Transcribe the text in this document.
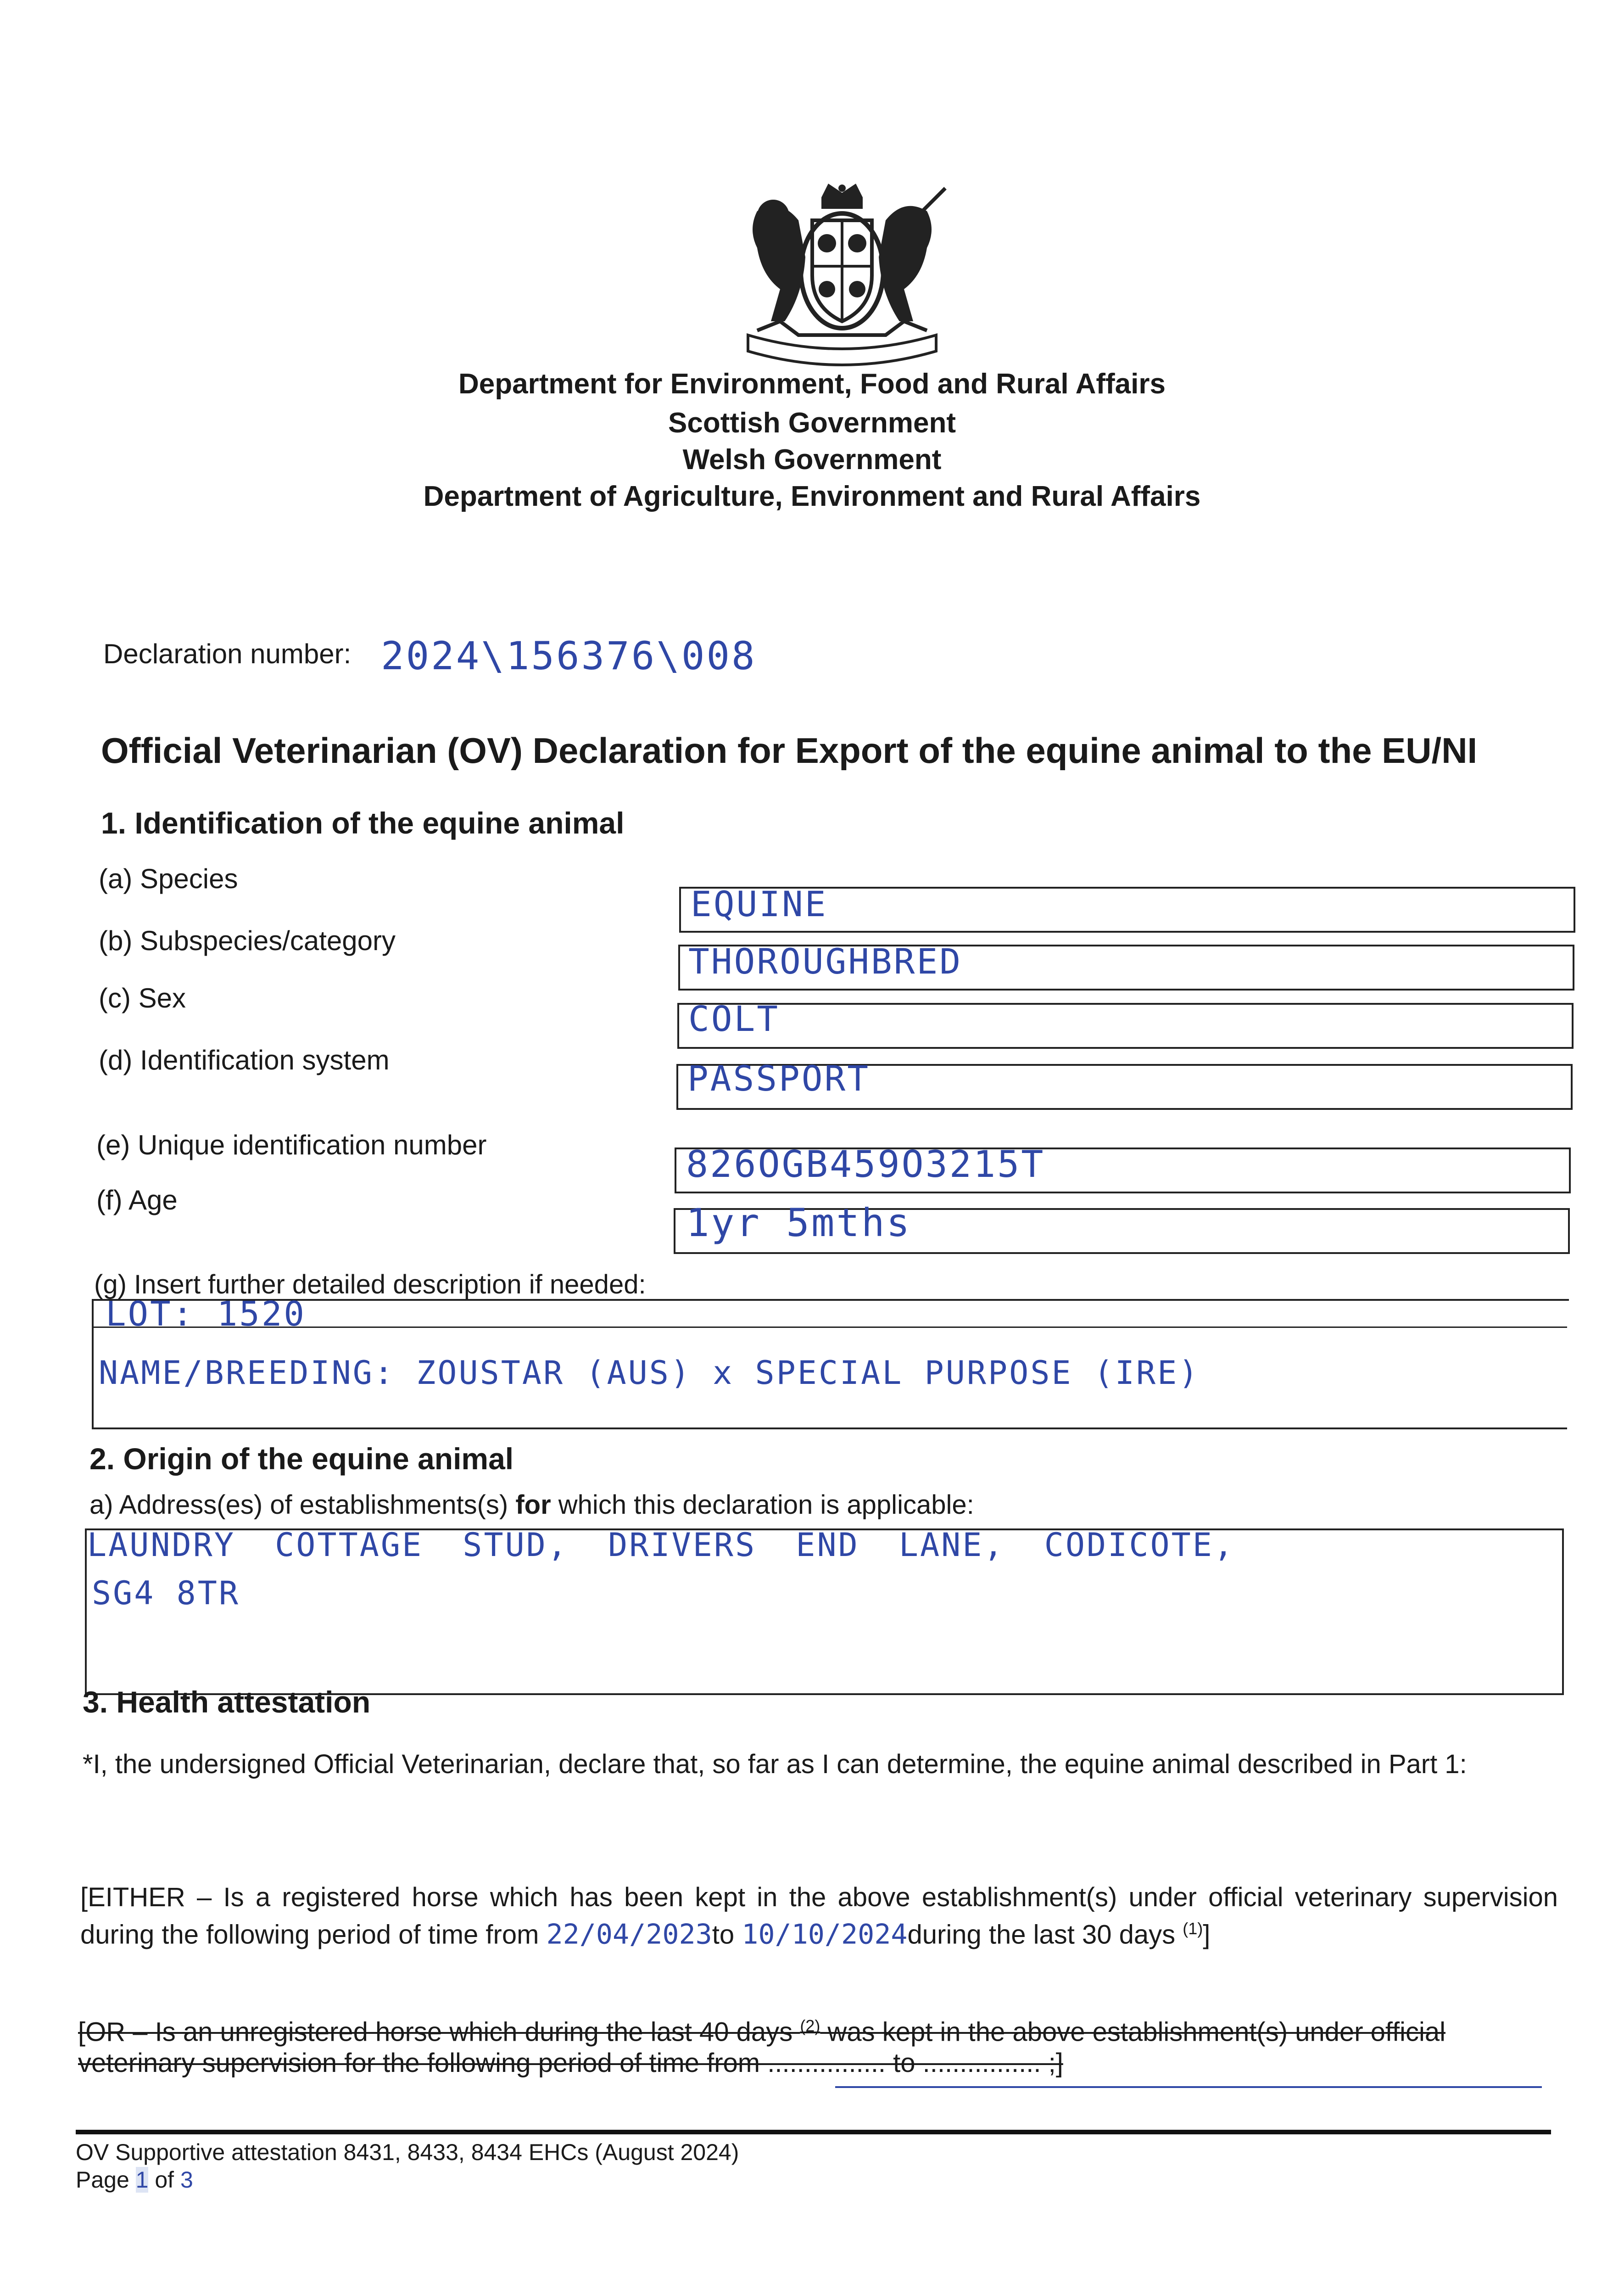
Department for Environment, Food and Rural Affairs
Scottish Government
Welsh Government
Department of Agriculture, Environment and Rural Affairs
Declaration number: 2024\156376\008
Official Veterinarian (OV) Declaration for Export of the equine animal to the EU/NI
1. Identification of the equine animal
(a) Species
EQUINE
(b) Subspecies/category
THOROUGHBRED
(c) Sex
COLT
(d) Identification system	PASSPORT
(e) Unique identification number	826OGB459O3215T
(f) Age
1yr 5mths
(g) Insert further detailed description if needed:
LOT: 1520
NAME/BREEDING: ZOUSTAR (AUS) x SPECIAL PURPOSE (IRE)
2. Origin of the equine animal
a) Address(es) of establishments(s) for which this declaration is applicable:
LAUNDRY COTTAGE STUD, DRIVERS END LANE, CODICOTE,
SG4 8TR
3. Health attestation
*I, the undersigned Official Veterinarian, declare that, so far as I can determine, the equine animal described in Part 1:
[EITHER – Is a registered horse which has been kept in the above establishment(s) under official veterinary supervision during the following period of time from 22/04/2023to 10/10/2024during the last 30 days $^{(1)}$]
[OR – Is an unregistered horse which during the last 40 days $^{(2)}$ was kept in the above establishment(s) under official veterinary supervision for the following period of time from ................ to ................ ;]
OV Supportive attestation 8431, 8433, 8434 EHCs (August 2024)
Page 1 of 3
